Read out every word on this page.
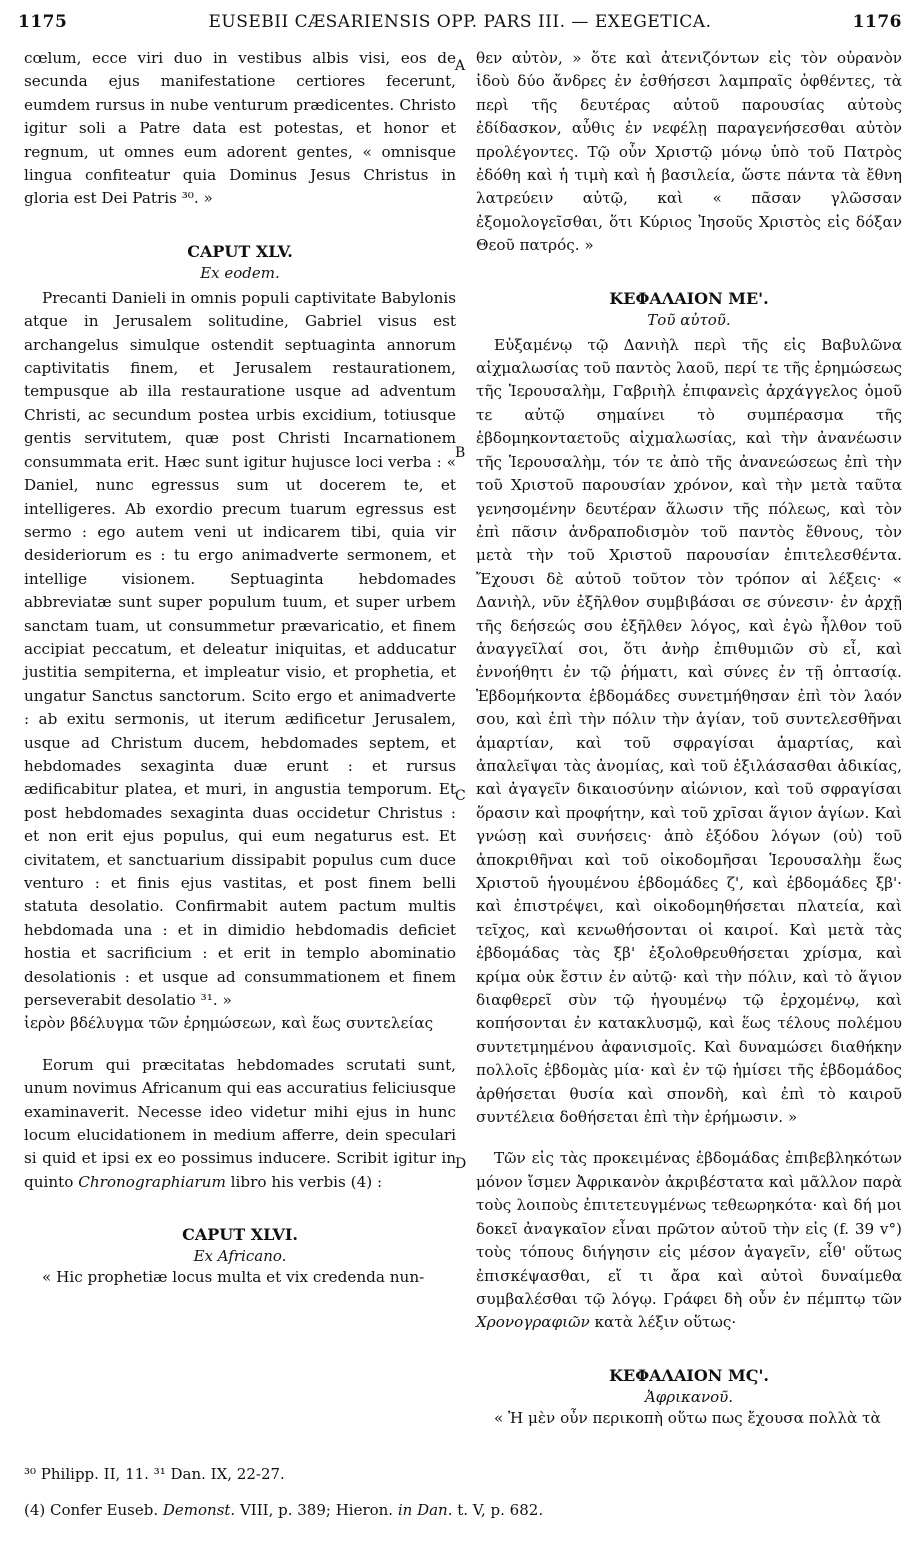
1175	EUSEBII CÆSARIENSIS OPP. PARS III. — EXEGETICA.	1176
A
B
C
D

cœlum, ecce viri duo in vestibus albis visi, eos de secunda ejus manifestatione certiores fecerunt, eumdem rursus in nube venturum prædicentes. Christo igitur soli a Patre data est potestas, et honor et regnum, ut omnes eum adorent gentes, « omnisque lingua confiteatur quia Dominus Jesus Christus in gloria est Dei Patris ³⁰. »

CAPUT XLV.
Ex eodem.

Precanti Danieli in omnis populi captivitate Babylonis atque in Jerusalem solitudine, Gabriel visus est archangelus simulque ostendit septuaginta annorum captivitatis finem, et Jerusalem restaurationem, tempusque ab illa restauratione usque ad adventum Christi, ac secundum postea urbis excidium, totiusque gentis servitutem, quæ post Christi Incarnationem consummata erit. Hæc sunt igitur hujusce loci verba : « Daniel, nunc egressus sum ut docerem te, et intelligeres. Ab exordio precum tuarum egressus est sermo : ego autem veni ut indicarem tibi, quia vir desideriorum es : tu ergo animadverte sermonem, et intellige visionem. Septuaginta hebdomades abbreviatæ sunt super populum tuum, et super urbem sanctam tuam, ut consummetur prævaricatio, et finem accipiat peccatum, et deleatur iniquitas, et adducatur justitia sempiterna, et impleatur visio, et prophetia, et ungatur Sanctus sanctorum. Scito ergo et animadverte : ab exitu sermonis, ut iterum ædificetur Jerusalem, usque ad Christum ducem, hebdomades septem, et hebdomades sexaginta duæ erunt : et rursus ædificabitur platea, et muri, in angustia temporum. Et post hebdomades sexaginta duas occidetur Christus : et non erit ejus populus, qui eum negaturus est. Et civitatem, et sanctuarium dissipabit populus cum duce venturo : et finis ejus vastitas, et post finem belli statuta desolatio. Confirmabit autem pactum multis hebdomada una : et in dimidio hebdomadis deficiet hostia et sacrificium : et erit in templo abominatio desolationis : et usque ad consummationem et finem perseverabit desolatio ³¹. »

ἱερὸν βδέλυγμα τῶν ἐρημώσεων, καὶ ἕως συντελείας

Eorum qui præcitatas hebdomades scrutati sunt, unum novimus Africanum qui eas accuratius feliciusque examinaverit. Necesse ideo videtur mihi ejus in hunc locum elucidationem in medium afferre, dein speculari si quid et ipsi ex eo possimus inducere. Scribit igitur in quinto Chronographiarum libro his verbis (4) :

CAPUT XLVI.
Ex Africano.

« Hic prophetiæ locus multa et vix credenda nun-

θεν αὐτὸν, » ὅτε καὶ ἀτενιζόντων εἰς τὸν οὐρανὸν ἰδοὺ δύο ἄνδρες ἐν ἐσθήσεσι λαμπραῖς ὀφθέντες, τὰ περὶ τῆς δευτέρας αὐτοῦ παρουσίας αὐτοὺς ἐδίδασκον, αὖθις ἐν νεφέλῃ παραγενήσεσθαι αὐτὸν προλέγοντες. Τῷ οὖν Χριστῷ μόνῳ ὑπὸ τοῦ Πατρὸς ἐδόθη καὶ ἡ τιμὴ καὶ ἡ βασιλεία, ὥστε πάντα τὰ ἔθνη λατρεύειν αὐτῷ, καὶ « πᾶσαν γλῶσσαν ἐξομολογεῖσθαι, ὅτι Κύριος Ἰησοῦς Χριστὸς εἰς δόξαν Θεοῦ πατρός. »

ΚΕΦΑΛΑΙΟΝ ΜΕ'.
Τοῦ αὐτοῦ.

Εὐξαμένῳ τῷ Δανιὴλ περὶ τῆς εἰς Βαβυλῶνα αἰχμαλωσίας τοῦ παντὸς λαοῦ, περί τε τῆς ἐρημώσεως τῆς Ἱερουσαλὴμ, Γαβριὴλ ἐπιφανεὶς ἀρχάγγελος ὁμοῦ τε αὐτῷ σημαίνει τὸ συμπέρασμα τῆς ἑβδομηκονταετοῦς αἰχμαλωσίας, καὶ τὴν ἀνανέωσιν τῆς Ἱερουσαλὴμ, τόν τε ἀπὸ τῆς ἀνανεώσεως ἐπὶ τὴν τοῦ Χριστοῦ παρουσίαν χρόνον, καὶ τὴν μετὰ ταῦτα γενησομένην δευτέραν ἅλωσιν τῆς πόλεως, καὶ τὸν ἐπὶ πᾶσιν ἀνδραποδισμὸν τοῦ παντὸς ἔθνους, τὸν μετὰ τὴν τοῦ Χριστοῦ παρουσίαν ἐπιτελεσθέντα. Ἔχουσι δὲ αὐτοῦ τοῦτον τὸν τρόπον αἱ λέξεις· « Δανιὴλ, νῦν ἐξῆλθον συμβιβάσαι σε σύνεσιν· ἐν ἀρχῇ τῆς δεήσεώς σου ἐξῆλθεν λόγος, καὶ ἐγὼ ἦλθον τοῦ ἀναγγεῖλαί σοι, ὅτι ἀνὴρ ἐπιθυμιῶν σὺ εἶ, καὶ ἐννοήθητι ἐν τῷ ῥήματι, καὶ σύνες ἐν τῇ ὀπτασίᾳ. Ἑβδομήκοντα ἑβδομάδες συνετμήθησαν ἐπὶ τὸν λαόν σου, καὶ ἐπὶ τὴν πόλιν τὴν ἁγίαν, τοῦ συντελεσθῆναι ἁμαρτίαν, καὶ τοῦ σφραγίσαι ἁμαρτίας, καὶ ἀπαλεῖψαι τὰς ἀνομίας, καὶ τοῦ ἐξιλάσασθαι ἀδικίας, καὶ ἀγαγεῖν δικαιοσύνην αἰώνιον, καὶ τοῦ σφραγίσαι ὅρασιν καὶ προφήτην, καὶ τοῦ χρῖσαι ἅγιον ἁγίων. Καὶ γνώσῃ καὶ συνήσεις· ἀπὸ ἐξόδου λόγων (οὐ) τοῦ ἀποκριθῆναι καὶ τοῦ οἰκοδομῆσαι Ἱερουσαλὴμ ἕως Χριστοῦ ἡγουμένου ἑβδομάδες ζ', καὶ ἑβδομάδες ξβ'· καὶ ἐπιστρέψει, καὶ οἰκοδομηθήσεται πλατεία, καὶ τεῖχος, καὶ κενωθήσονται οἱ καιροί. Καὶ μετὰ τὰς ἑβδομάδας τὰς ξβ' ἐξολοθρευθήσεται χρίσμα, καὶ κρίμα οὐκ ἔστιν ἐν αὐτῷ· καὶ τὴν πόλιν, καὶ τὸ ἅγιον διαφθερεῖ σὺν τῷ ἡγουμένῳ τῷ ἐρχομένῳ, καὶ κοπήσονται ἐν κατακλυσμῷ, καὶ ἕως τέλους πολέμου συντετμημένου ἀφανισμοῖς. Καὶ δυναμώσει διαθήκην πολλοῖς ἑβδομὰς μία· καὶ ἐν τῷ ἡμίσει τῆς ἑβδομάδος ἀρθήσεται θυσία καὶ σπονδὴ, καὶ ἐπὶ τὸ καιροῦ συντέλεια δοθήσεται ἐπὶ τὴν ἐρήμωσιν. »

Τῶν εἰς τὰς προκειμένας ἑβδομάδας ἐπιβεβληκότων μόνον ἴσμεν Ἀφρικανὸν ἀκριβέστατα καὶ μᾶλλον παρὰ τοὺς λοιποὺς ἐπιτετευγμένως τεθεωρηκότα· καὶ δή μοι δοκεῖ ἀναγκαῖον εἶναι πρῶτον αὐτοῦ τὴν εἰς (f. 39 v°) τοὺς τόπους διήγησιν εἰς μέσον ἀγαγεῖν, εἶθ' οὕτως ἐπισκέψασθαι, εἴ τι ἄρα καὶ αὐτοὶ δυναίμεθα συμβαλέσθαι τῷ λόγῳ. Γράφει δὴ οὖν ἐν πέμπτῳ τῶν Χρονογραφιῶν κατὰ λέξιν οὕτως·

ΚΕΦΑΛΑΙΟΝ ΜϚ'.
Ἀφρικανοῦ.

« Ἡ μὲν οὖν περικοπὴ οὕτω πως ἔχουσα πολλὰ τὰ

³⁰ Philipp. II, 11. ³¹ Dan. IX, 22-27.
(4) Confer Euseb. Demonst. VIII, p. 389; Hieron. in Dan. t. V, p. 682.
